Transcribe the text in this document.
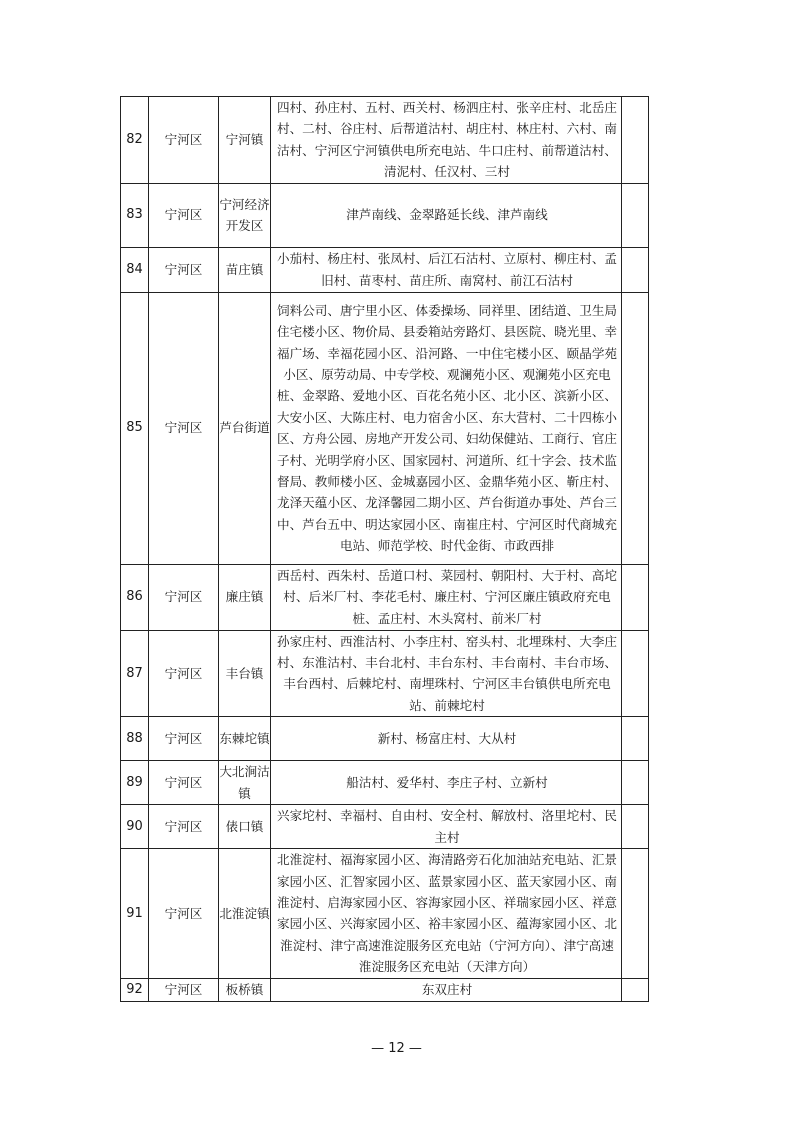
82	宁河区	宁河镇	四村、孙庄村、五村、西关村、杨泗庄村、张辛庄村、北岳庄村、二村、谷庄村、后帮道沽村、胡庄村、林庄村、六村、南沽村、宁河区宁河镇供电所充电站、牛口庄村、前帮道沽村、清泥村、任汉村、三村	
83	宁河区	宁河经济开发区	津芦南线、金翠路延长线、津芦南线	
84	宁河区	苗庄镇	小茄村、杨庄村、张凤村、后江石沽村、立原村、柳庄村、孟旧村、苗枣村、苗庄所、南窝村、前江石沽村	
85	宁河区	芦台街道	饲料公司、唐宁里小区、体委操场、同祥里、团结道、卫生局住宅楼小区、物价局、县委箱站旁路灯、县医院、晓光里、幸福广场、幸福花园小区、沿河路、一中住宅楼小区、颐晶学苑小区、原劳动局、中专学校、观澜苑小区、观澜苑小区充电桩、金翠路、爱地小区、百花名苑小区、北小区、滨新小区、大安小区、大陈庄村、电力宿舍小区、东大营村、二十四栋小区、方舟公园、房地产开发公司、妇幼保健站、工商行、官庄子村、光明学府小区、国家园村、河道所、红十字会、技术监督局、教师楼小区、金城嘉园小区、金鼎华苑小区、靳庄村、龙泽天蕴小区、龙泽馨园二期小区、芦台街道办事处、芦台三中、芦台五中、明达家园小区、南崔庄村、宁河区时代商城充电站、师范学校、时代金街、市政西排	
86	宁河区	廉庄镇	西岳村、西朱村、岳道口村、菜园村、朝阳村、大于村、高坨村、后米厂村、李花毛村、廉庄村、宁河区廉庄镇政府充电桩、孟庄村、木头窝村、前米厂村	
87	宁河区	丰台镇	孙家庄村、西淮沽村、小李庄村、窑头村、北埋珠村、大李庄村、东淮沽村、丰台北村、丰台东村、丰台南村、丰台市场、丰台西村、后棘坨村、南埋珠村、宁河区丰台镇供电所充电站、前棘坨村	
88	宁河区	东棘坨镇	新村、杨富庄村、大从村	
89	宁河区	大北涧沽镇	船沽村、爱华村、李庄子村、立新村	
90	宁河区	俵口镇	兴家坨村、幸福村、自由村、安全村、解放村、洛里坨村、民主村	
91	宁河区	北淮淀镇	北淮淀村、福海家园小区、海清路旁石化加油站充电站、汇景家园小区、汇智家园小区、蓝景家园小区、蓝天家园小区、南淮淀村、启海家园小区、容海家园小区、祥瑞家园小区、祥意家园小区、兴海家园小区、裕丰家园小区、蕴海家园小区、北淮淀村、津宁高速淮淀服务区充电站（宁河方向）、津宁高速淮淀服务区充电站（天津方向）	
92	宁河区	板桥镇	东双庄村	
— 12 —
